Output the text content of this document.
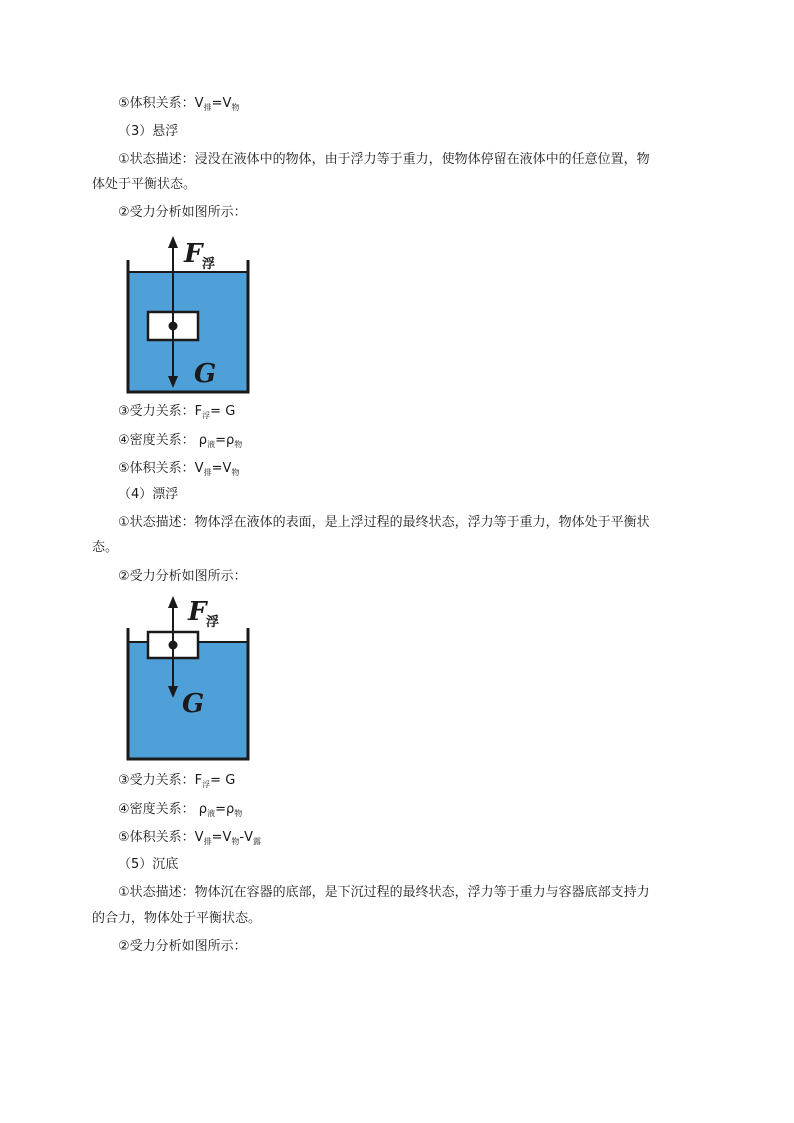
⑤体积关系：$V_排=V_物$
（3）悬浮
①状态描述：浸没在液体中的物体，由于浮力等于重力，使物体停留在液体中的任意位置，物
体处于平衡状态。
②受力分析如图所示：
F 浮
G
③受力关系：$F_浮= G$
④密度关系： $\rho_液=\rho_物$
⑤体积关系：$V_排=V_物$
（4）漂浮
①状态描述：物体浮在液体的表面，是上浮过程的最终状态，浮力等于重力，物体处于平衡状
态。
②受力分析如图所示：
F 浮
G
③受力关系：$F_浮= G$
④密度关系： $\rho_液=\rho_物$
⑤体积关系：$V_排=V_物-V_露$
（5）沉底
①状态描述：物体沉在容器的底部，是下沉过程的最终状态，浮力等于重力与容器底部支持力
的合力，物体处于平衡状态。
②受力分析如图所示：
